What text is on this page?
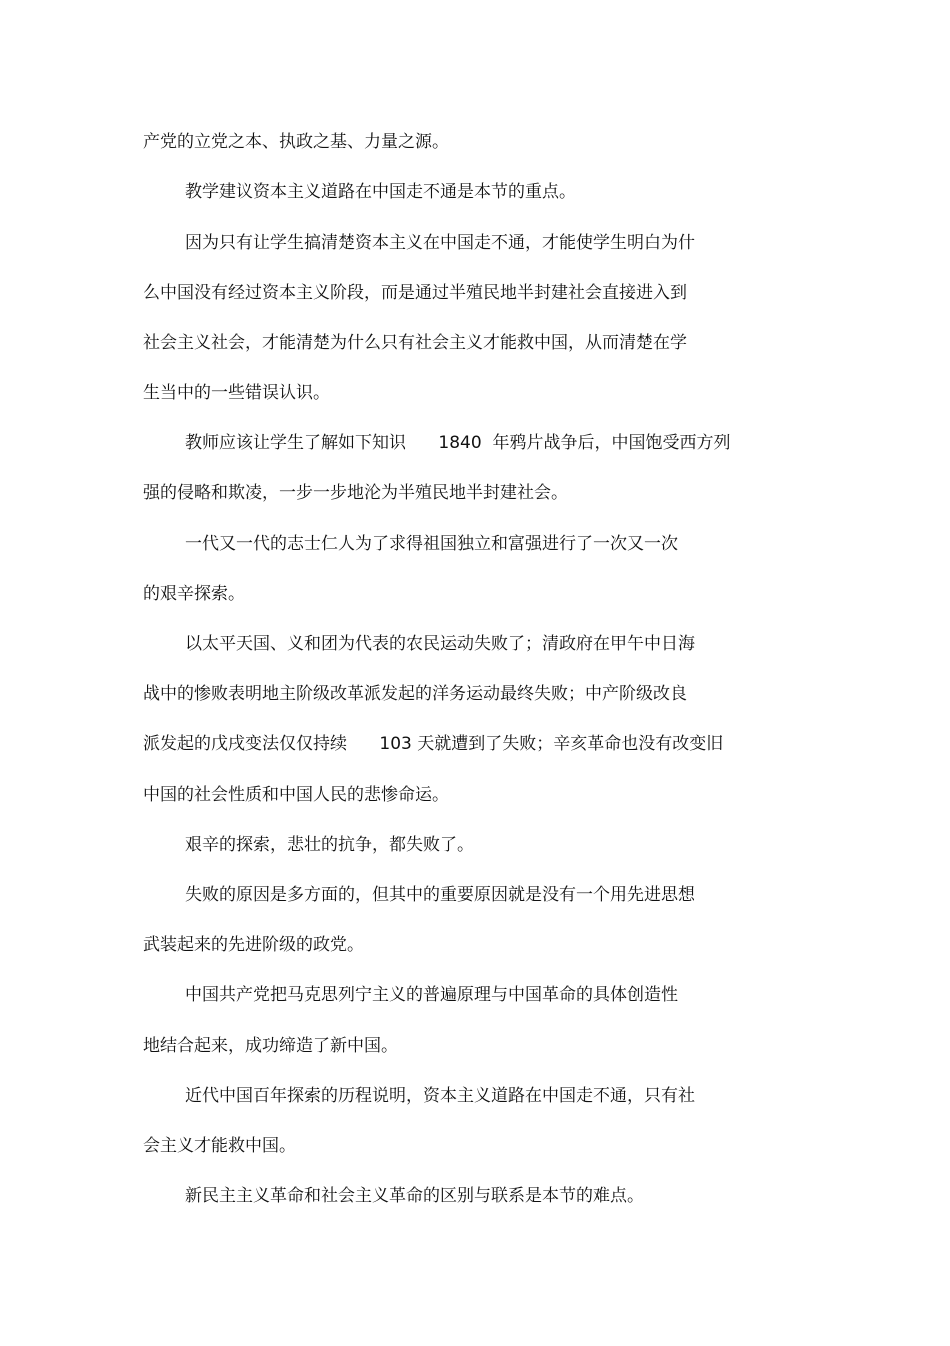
产党的立党之本、执政之基、力量之源。
教学建议资本主义道路在中国走不通是本节的重点。
因为只有让学生搞清楚资本主义在中国走不通，才能使学生明白为什
么中国没有经过资本主义阶段，而是通过半殖民地半封建社会直接进入到
社会主义社会，才能清楚为什么只有社会主义才能救中国，从而清楚在学
生当中的一些错误认识。
教师应该让学生了解如下知识      1840  年鸦片战争后，中国饱受西方列
强的侵略和欺凌，一步一步地沦为半殖民地半封建社会。
一代又一代的志士仁人为了求得祖国独立和富强进行了一次又一次
的艰辛探索。
以太平天国、义和团为代表的农民运动失败了；清政府在甲午中日海
战中的惨败表明地主阶级改革派发起的洋务运动最终失败；中产阶级改良
派发起的戊戌变法仅仅持续      103 天就遭到了失败；辛亥革命也没有改变旧
中国的社会性质和中国人民的悲惨命运。
艰辛的探索，悲壮的抗争，都失败了。
失败的原因是多方面的，但其中的重要原因就是没有一个用先进思想
武装起来的先进阶级的政党。
中国共产党把马克思列宁主义的普遍原理与中国革命的具体创造性
地结合起来，成功缔造了新中国。
近代中国百年探索的历程说明，资本主义道路在中国走不通，只有社
会主义才能救中国。
新民主主义革命和社会主义革命的区别与联系是本节的难点。
